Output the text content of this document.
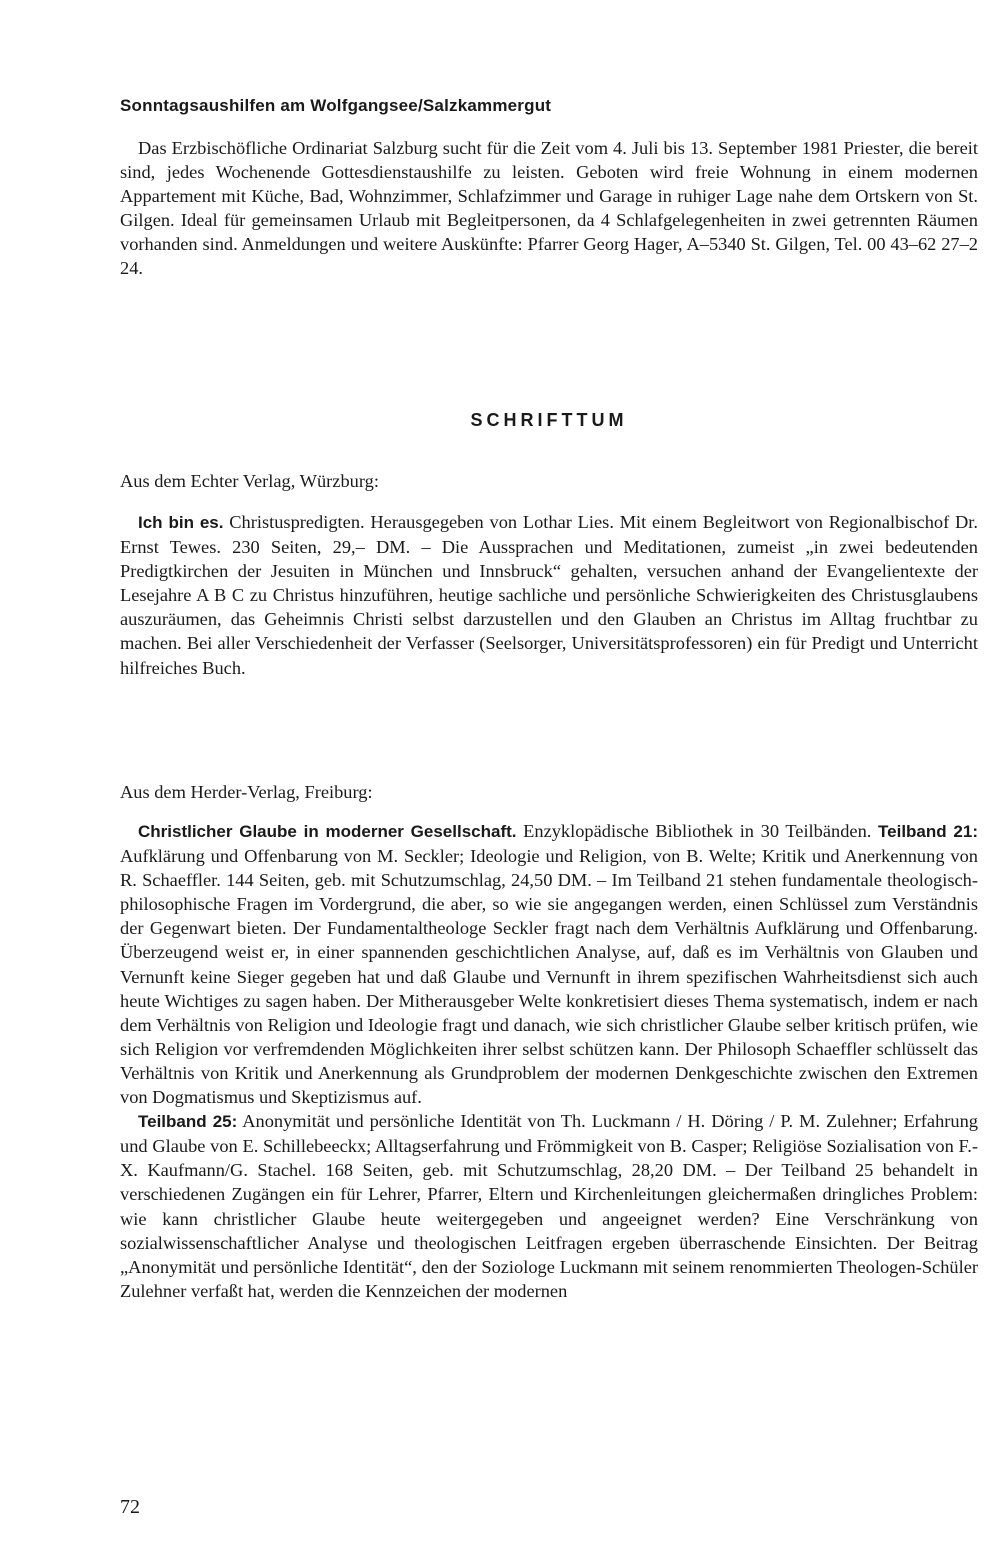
Sonntagsaushilfen am Wolfgangsee/Salzkammergut

Das Erzbischöfliche Ordinariat Salzburg sucht für die Zeit vom 4. Juli bis 13. September 1981 Priester, die bereit sind, jedes Wochenende Gottesdienstaushilfe zu leisten. Geboten wird freie Wohnung in einem modernen Appartement mit Küche, Bad, Wohnzimmer, Schlafzimmer und Garage in ruhiger Lage nahe dem Ortskern von St. Gilgen. Ideal für gemeinsamen Urlaub mit Begleitpersonen, da 4 Schlafgelegenheiten in zwei getrennten Räumen vorhanden sind. Anmeldungen und weitere Auskünfte: Pfarrer Georg Hager, A–5340 St. Gilgen, Tel. 00 43–62 27–2 24.

SCHRIFTTUM

Aus dem Echter Verlag, Würzburg:

Ich bin es. Christuspredigten. Herausgegeben von Lothar Lies. Mit einem Begleitwort von Regionalbischof Dr. Ernst Tewes. 230 Seiten, 29,– DM. – Die Aussprachen und Meditationen, zumeist „in zwei bedeutenden Predigtkirchen der Jesuiten in München und Innsbruck“ gehalten, versuchen anhand der Evangelientexte der Lesejahre A B C zu Christus hinzuführen, heutige sachliche und persönliche Schwierigkeiten des Christusglaubens auszuräumen, das Geheimnis Christi selbst darzustellen und den Glauben an Christus im Alltag fruchtbar zu machen. Bei aller Verschiedenheit der Verfasser (Seelsorger, Universitätsprofessoren) ein für Predigt und Unterricht hilfreiches Buch.

Aus dem Herder-Verlag, Freiburg:

Christlicher Glaube in moderner Gesellschaft. Enzyklopädische Bibliothek in 30 Teilbänden. Teilband 21: Aufklärung und Offenbarung von M. Seckler; Ideologie und Religion, von B. Welte; Kritik und Anerkennung von R. Schaeffler. 144 Seiten, geb. mit Schutzumschlag, 24,50 DM. – Im Teilband 21 stehen fundamentale theologisch-philosophische Fragen im Vordergrund, die aber, so wie sie angegangen werden, einen Schlüssel zum Verständnis der Gegenwart bieten. Der Fundamentaltheologe Seckler fragt nach dem Verhältnis Aufklärung und Offenbarung. Überzeugend weist er, in einer spannenden geschichtlichen Analyse, auf, daß es im Verhältnis von Glauben und Vernunft keine Sieger gegeben hat und daß Glaube und Vernunft in ihrem spezifischen Wahrheitsdienst sich auch heute Wichtiges zu sagen haben. Der Mitherausgeber Welte konkretisiert dieses Thema systematisch, indem er nach dem Verhältnis von Religion und Ideologie fragt und danach, wie sich christlicher Glaube selber kritisch prüfen, wie sich Religion vor verfremdenden Möglichkeiten ihrer selbst schützen kann. Der Philosoph Schaeffler schlüsselt das Verhältnis von Kritik und Anerkennung als Grundproblem der modernen Denkgeschichte zwischen den Extremen von Dogmatismus und Skeptizismus auf.

Teilband 25: Anonymität und persönliche Identität von Th. Luckmann / H. Döring / P. M. Zulehner; Erfahrung und Glaube von E. Schillebeeckx; Alltagserfahrung und Frömmigkeit von B. Casper; Religiöse Sozialisation von F.-X. Kaufmann/G. Stachel. 168 Seiten, geb. mit Schutzumschlag, 28,20 DM. – Der Teilband 25 behandelt in verschiedenen Zugängen ein für Lehrer, Pfarrer, Eltern und Kirchenleitungen gleichermaßen dringliches Problem: wie kann christlicher Glaube heute weitergegeben und angeeignet werden? Eine Verschränkung von sozialwissenschaftlicher Analyse und theologischen Leitfragen ergeben überraschende Einsichten. Der Beitrag „Anonymität und persönliche Identität“, den der Soziologe Luckmann mit seinem renommierten Theologen-Schüler Zulehner verfaßt hat, werden die Kennzeichen der modernen

72
